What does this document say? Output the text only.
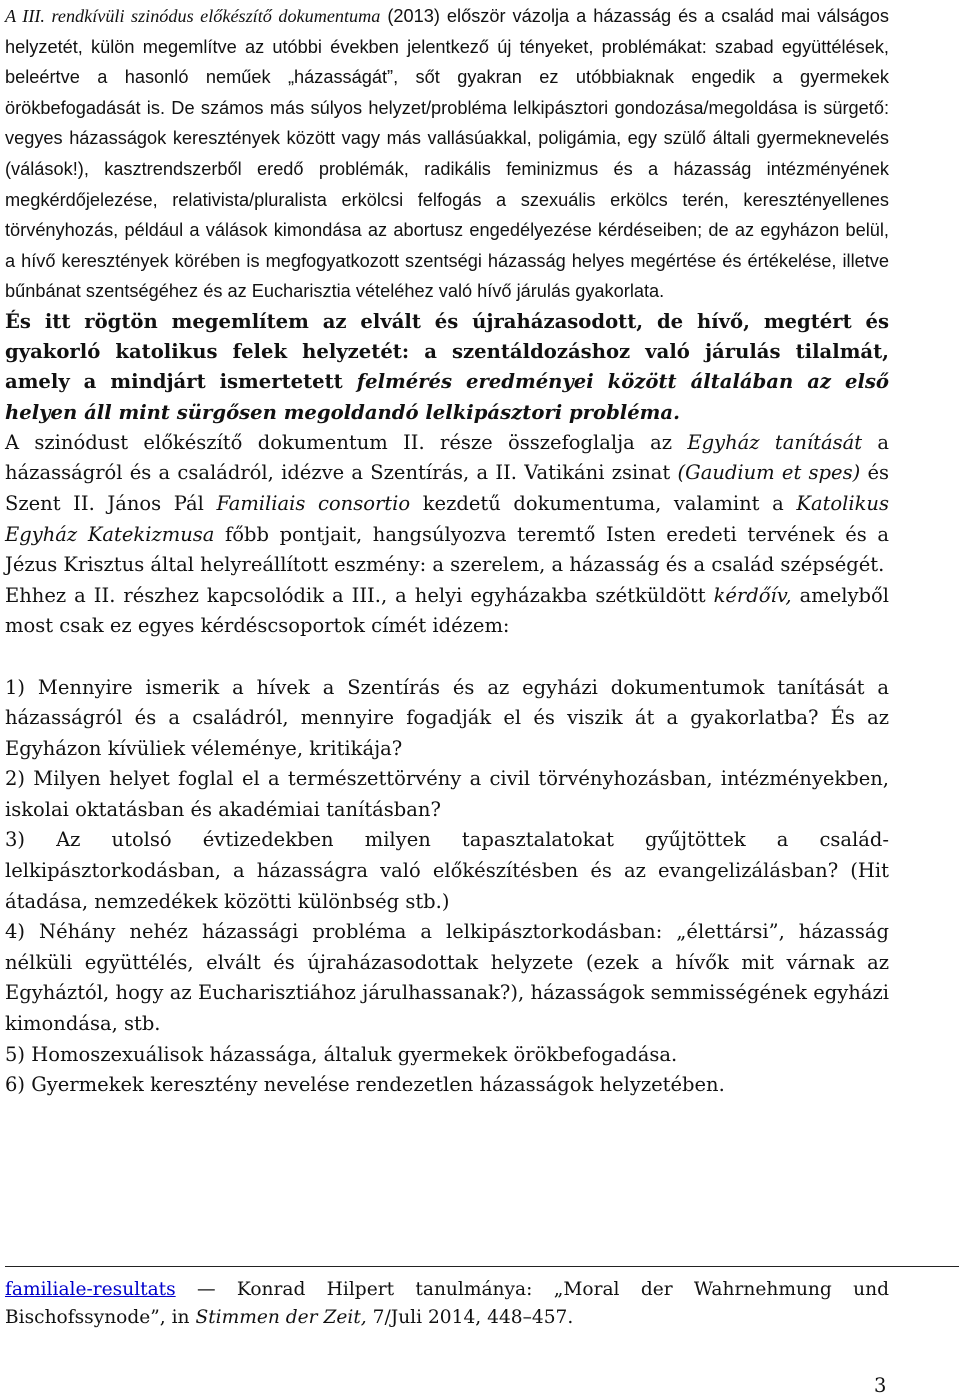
A III. rendkívüli szinódus előkészítő dokumentuma (2013) először vázolja a házasság és a család mai válságos helyzetét, külön megemlítve az utóbbi években jelentkező új tényeket, problémákat: szabad együttélések, beleértve a hasonló neműek „házasságát”, sőt gyakran ez utóbbiaknak engedik a gyermekek örökbefogadását is. De számos más súlyos helyzet/probléma lelkipásztori gondozása/megoldása is sürgető: vegyes házasságok keresztények között vagy más vallásúakkal, poligámia, egy szülő általi gyermeknevelés (válások!), kasztrendszerből eredő problémák, radikális feminizmus és a házasság intézményének megkérdőjelezése, relativista/pluralista erkölcsi felfogás a szexuális erkölcs terén, keresztényellenes törvényhozás, például a válások kimondása az abortusz engedélyezése kérdéseiben; de az egyházon belül, a hívő keresztények körében is megfogyatkozott szentségi házasság helyes megértése és értékelése, illetve bűnbánat szentségéhez és az Eucharisztia vételéhez való hívő járulás gyakorlata.

És itt rögtön megemlítem az elvált és újraházasodott, de hívő, megtért és gyakorló katolikus felek helyzetét: a szentáldozáshoz való járulás tilalmát, amely a mindjárt ismertetett felmérés eredményei között általában az első helyen áll mint sürgősen megoldandó lelkipásztori probléma.

A szinódust előkészítő dokumentum II. része összefoglalja az Egyház tanítását a házasságról és a családról, idézve a Szentírás, a II. Vatikáni zsinat (Gaudium et spes) és Szent II. János Pál Familiais consortio kezdetű dokumentuma, valamint a Katolikus Egyház Katekizmusa főbb pontjait, hangsúlyozva teremtő Isten eredeti tervének és a Jézus Krisztus által helyreállított eszmény: a szerelem, a házasság és a család szépségét.

Ehhez a II. részhez kapcsolódik a III., a helyi egyházakba szétküldött kérdőív, amelyből most csak ez egyes kérdéscsoportok címét idézem:

1) Mennyire ismerik a hívek a Szentírás és az egyházi dokumentumok tanítását a házasságról és a családról, mennyire fogadják el és viszik át a gyakorlatba? És az Egyházon kívüliek véleménye, kritikája?

2) Milyen helyet foglal el a természettörvény a civil törvényhozásban, intézményekben, iskolai oktatásban és akadémiai tanításban?

3) Az utolsó évtizedekben milyen tapasztalatokat gyűjtöttek a család-lelkipásztorkodásban, a házasságra való előkészítésben és az evangelizálásban? (Hit átadása, nemzedékek közötti különbség stb.)

4) Néhány nehéz házassági probléma a lelkipásztorkodásban: „élettársi”, házasság nélküli együttélés, elvált és újraházasodottak helyzete (ezek a hívők mit várnak az Egyháztól, hogy az Eucharisztiához járulhassanak?), házasságok semmisségének egyházi kimondása, stb.

5) Homoszexuálisok házassága, általuk gyermekek örökbefogadása.

6) Gyermekek keresztény nevelése rendezetlen házasságok helyzetében.

familiale-resultats — Konrad Hilpert tanulmánya: „Moral der Wahrnehmung und Bischofssynode”, in Stimmen der Zeit, 7/Juli 2014, 448–457.

3
